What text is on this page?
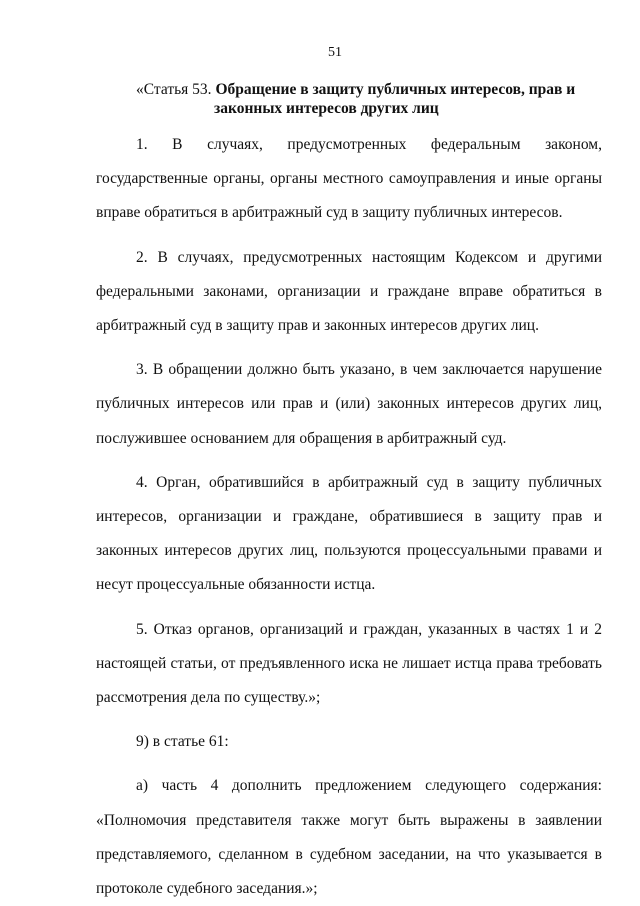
51
«Статья 53. Обращение в защиту публичных интересов, прав и
законных интересов других лиц

1. В случаях, предусмотренных федеральным законом, государственные органы, органы местного самоуправления и иные органы вправе обратиться в арбитражный суд в защиту публичных интересов.

2. В случаях, предусмотренных настоящим Кодексом и другими федеральными законами, организации и граждане вправе обратиться в арбитражный суд в защиту прав и законных интересов других лиц.

3. В обращении должно быть указано, в чем заключается нарушение публичных интересов или прав и (или) законных интересов других лиц, послужившее основанием для обращения в арбитражный суд.

4. Орган, обратившийся в арбитражный суд в защиту публичных интересов, организации и граждане, обратившиеся в защиту прав и законных интересов других лиц, пользуются процессуальными правами и несут процессуальные обязанности истца.

5. Отказ органов, организаций и граждан, указанных в частях 1 и 2 настоящей статьи, от предъявленного иска не лишает истца права требовать рассмотрения дела по существу.»;

9) в статье 61:

а) часть 4 дополнить предложением следующего содержания: «Полномочия представителя также могут быть выражены в заявлении представляемого, сделанном в судебном заседании, на что указывается в протоколе судебного заседания.»;
